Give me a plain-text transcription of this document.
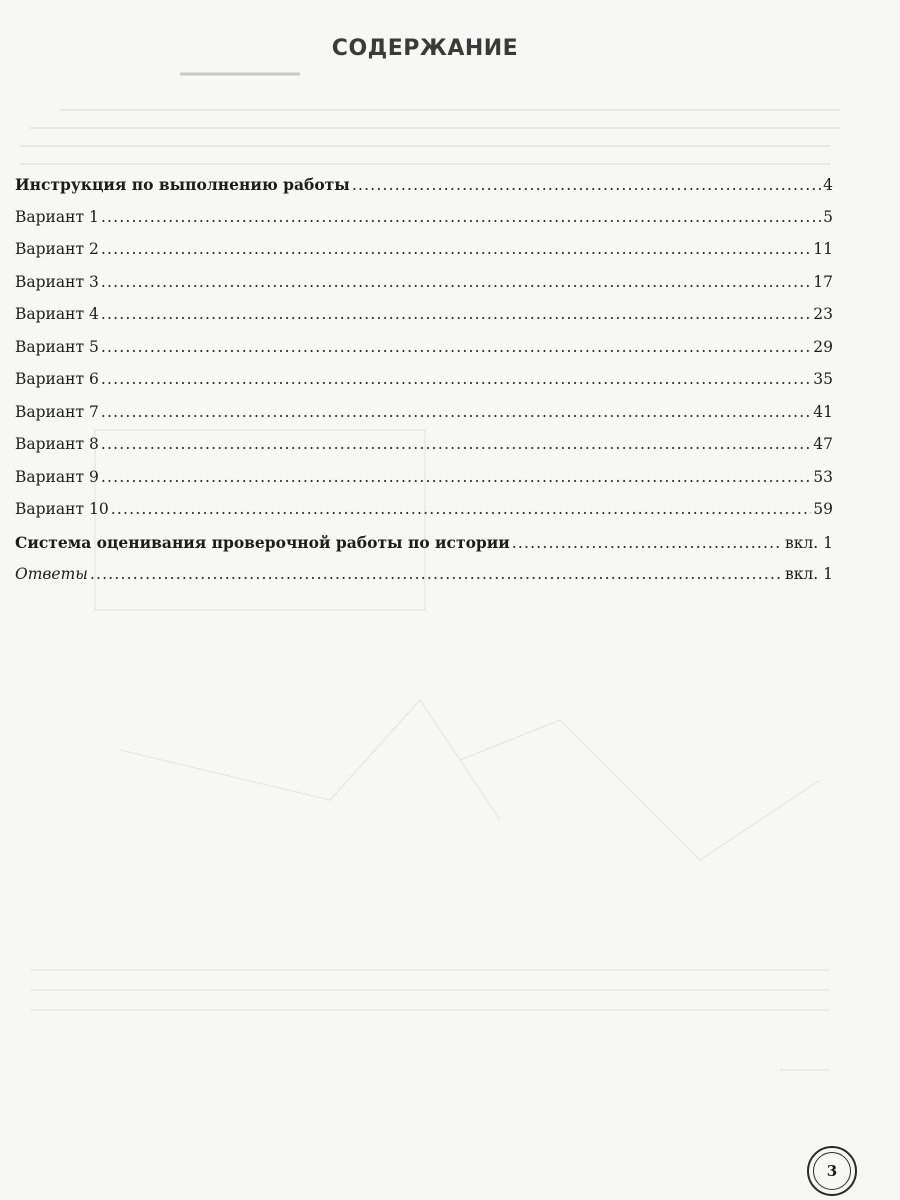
СОДЕРЖАНИЕ
Инструкция по выполнению работы .....	4
Вариант 1 .....	5
Вариант 2 .....	11
Вариант 3 .....	17
Вариант 4 .....	23
Вариант 5 .....	29
Вариант 6 .....	35
Вариант 7 .....	41
Вариант 8 .....	47
Вариант 9 .....	53
Вариант 10 .....	59
Система оценивания проверочной работы по истории .....	вкл. 1
Ответы .....	вкл. 1
3
